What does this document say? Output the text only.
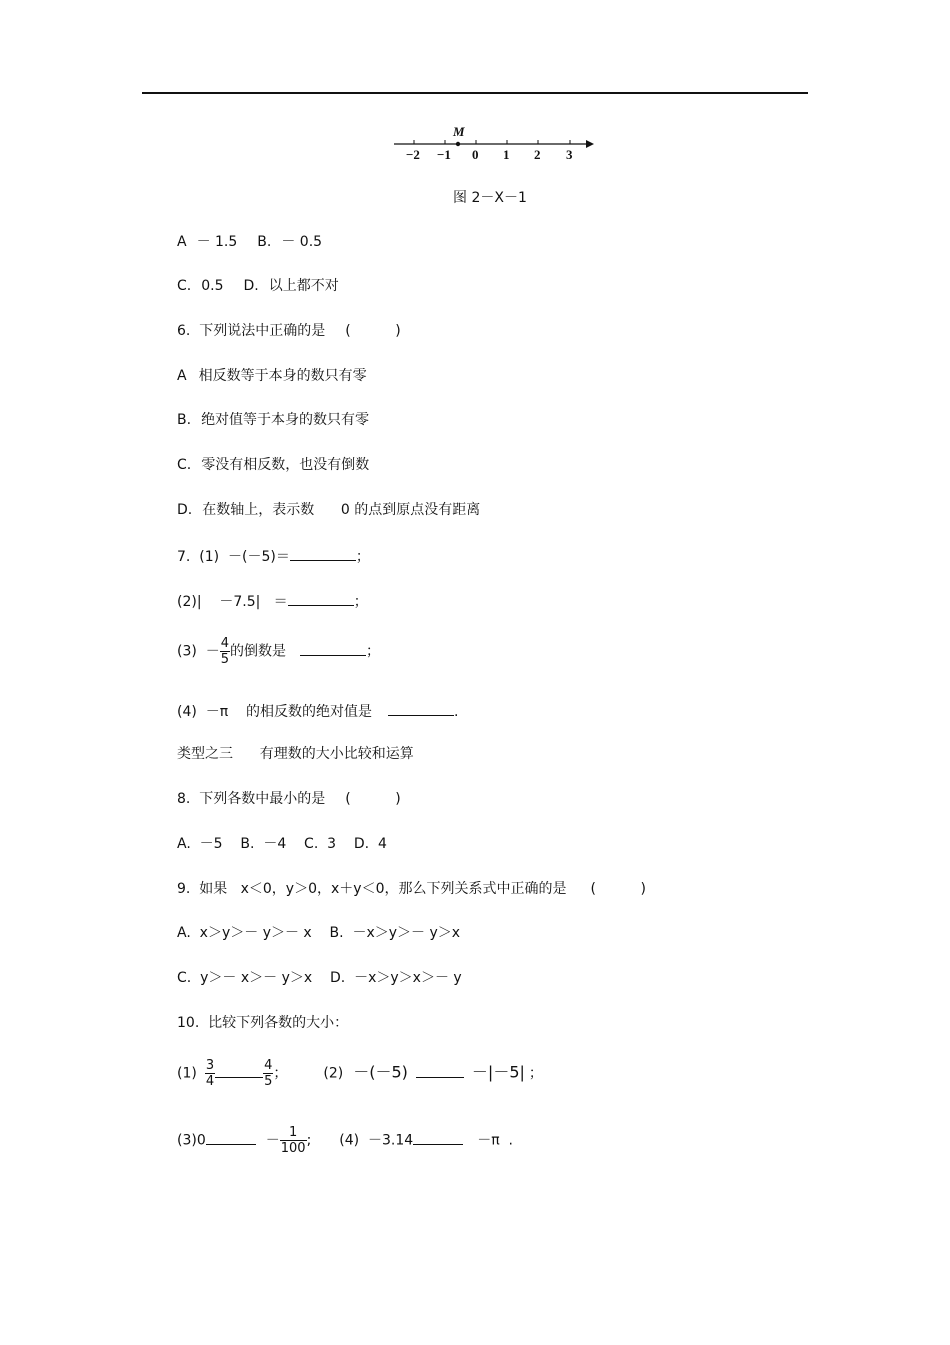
−2 −1 0 1 2 3
M
图 2－X－1
A － 1.5 B. － 0.5
C. 0.5 D. 以上都不对
6.  下列说法中正确的是 (          )
A 相反数等于本身的数只有零
B. 绝对值等于本身的数只有零
C. 零没有相反数，也没有倒数
D. 在数轴上，表示数      0 的点到原点没有距离
7.  (1)  －(－5)＝	；
(2)|    －7.5|   ＝	；
$(3) - \frac{4}{5}$ 的倒数是	；
(4)  －π    的相反数的绝对值是	.
类型之三      有理数的大小比较和运算
8.  下列各数中最小的是 (          )
A.  －5    B.  －4    C.  3    D.  4
9.  如果   x＜0，y＞0，x＋y＜0，那么下列关系式中正确的是 (          )
A.  x＞y＞－ y＞－ x    B.  －x＞y＞－ y＞x
C.  y＞－ x＞－ y＞x    D.  －x＞y＞x＞－ y
10.  比较下列各数的大小：
$(1) \frac{3}{4}$	$\frac{4}{5}$ ；	(2) －(－5)	－|－5| ；
(3)0	－ $\frac{1}{100}$ ; (4)  －3.14	－π  .
